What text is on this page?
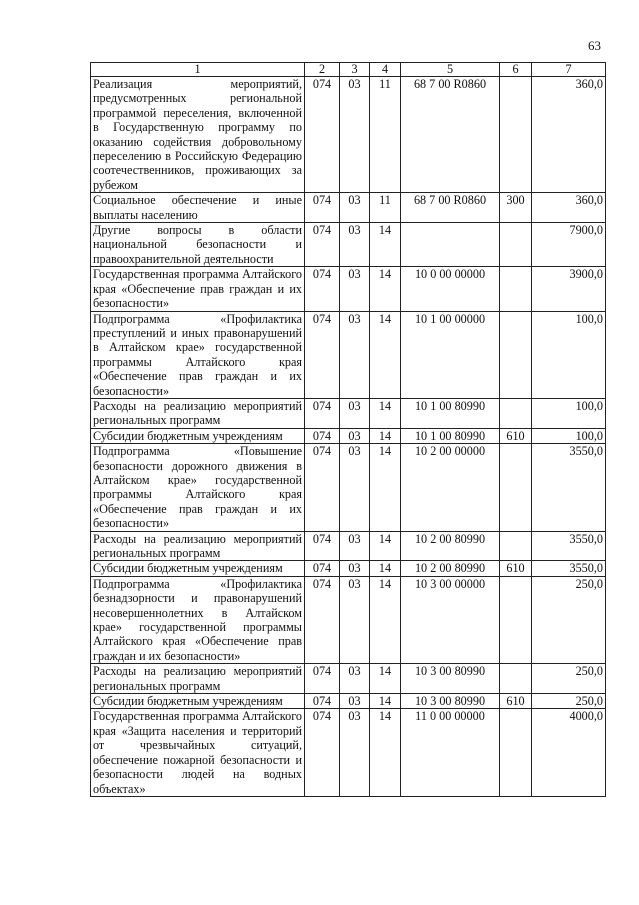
63
1	2	3	4	5	6	7
Реализация мероприятий, предусмотренных региональной программой переселения, включенной в Государственную программу по оказанию содействия добровольному переселению в Российскую Федерацию соотечественников, проживающих за рубежом	074	03	11	68 7 00 R0860		360,0
Социальное обеспечение и иные выплаты населению	074	03	11	68 7 00 R0860	300	360,0
Другие вопросы в области национальной безопасности и правоохранительной деятельности	074	03	14			7900,0
Государственная программа Алтайского края «Обеспечение прав граждан и их безопасности»	074	03	14	10 0 00 00000		3900,0
Подпрограмма «Профилактика преступлений и иных правонарушений в Алтайском крае» государственной программы Алтайского края «Обеспечение прав граждан и их безопасности»	074	03	14	10 1 00 00000		100,0
Расходы на реализацию мероприятий региональных программ	074	03	14	10 1 00 80990		100,0
Субсидии бюджетным учреждениям	074	03	14	10 1 00 80990	610	100,0
Подпрограмма «Повышение безопасности дорожного движения в Алтайском крае» государственной программы Алтайского края «Обеспечение прав граждан и их безопасности»	074	03	14	10 2 00 00000		3550,0
Расходы на реализацию мероприятий региональных программ	074	03	14	10 2 00 80990		3550,0
Субсидии бюджетным учреждениям	074	03	14	10 2 00 80990	610	3550,0
Подпрограмма «Профилактика безнадзорности и правонарушений несовершеннолетних в Алтайском крае» государственной программы Алтайского края «Обеспечение прав граждан и их безопасности»	074	03	14	10 3 00 00000		250,0
Расходы на реализацию мероприятий региональных программ	074	03	14	10 3 00 80990		250,0
Субсидии бюджетным учреждениям	074	03	14	10 3 00 80990	610	250,0
Государственная программа Алтайского края «Защита населения и территорий от чрезвычайных ситуаций, обеспечение пожарной безопасности и безопасности людей на водных объектах»	074	03	14	11 0 00 00000		4000,0
